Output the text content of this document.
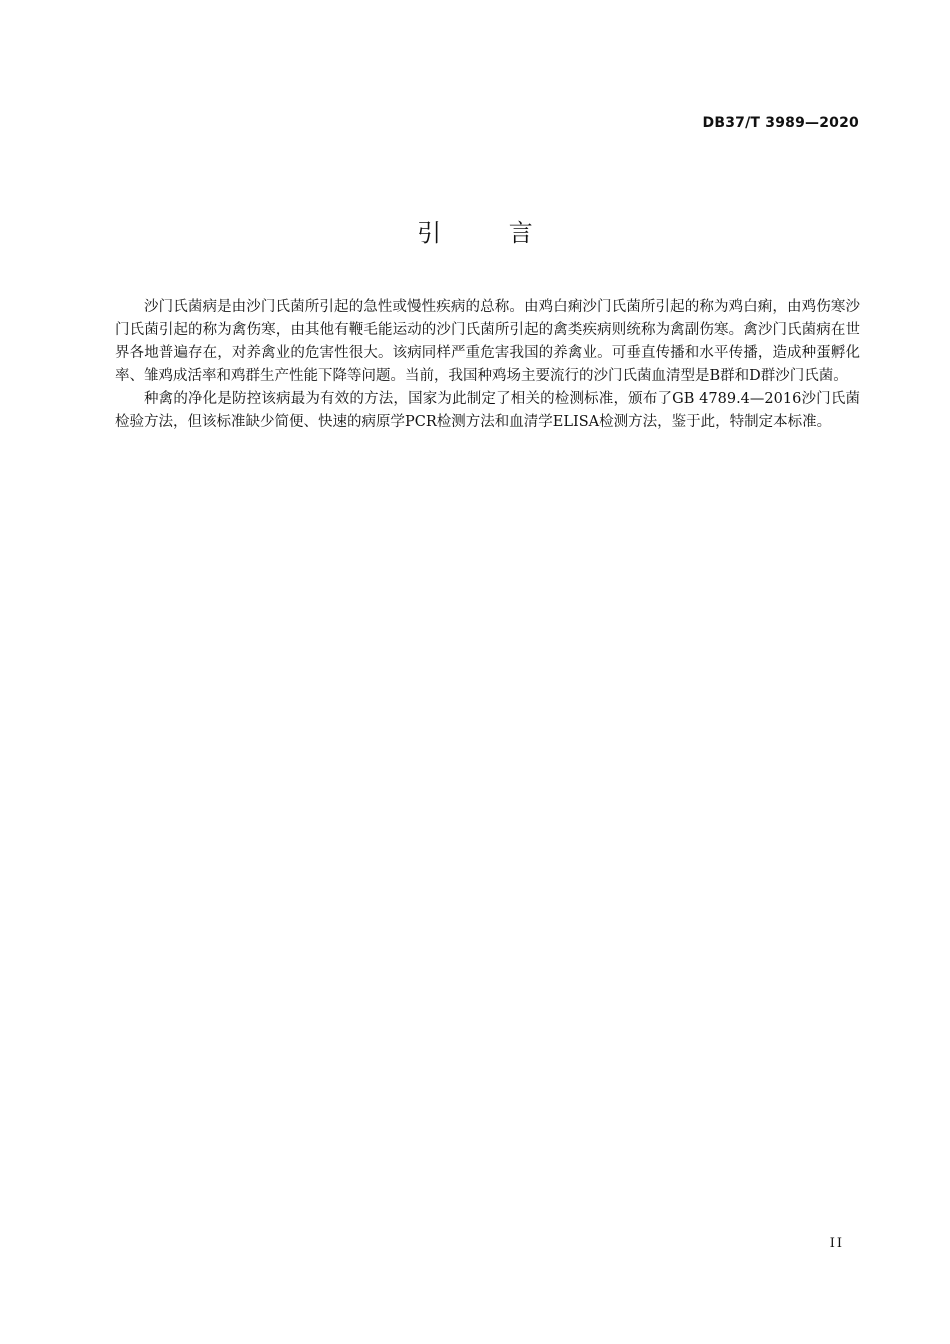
DB37/T 3989—2020
引 言

沙门氏菌病是由沙门氏菌所引起的急性或慢性疾病的总称。由鸡白痢沙门氏菌所引起的称为鸡白痢，由鸡伤寒沙门氏菌引起的称为禽伤寒，由其他有鞭毛能运动的沙门氏菌所引起的禽类疾病则统称为禽副伤寒。禽沙门氏菌病在世界各地普遍存在，对养禽业的危害性很大。该病同样严重危害我国的养禽业。可垂直传播和水平传播，造成种蛋孵化率、雏鸡成活率和鸡群生产性能下降等问题。当前，我国种鸡场主要流行的沙门氏菌血清型是B群和D群沙门氏菌。

种禽的净化是防控该病最为有效的方法，国家为此制定了相关的检测标准，颁布了GB 4789.4—2016沙门氏菌检验方法，但该标准缺少简便、快速的病原学PCR检测方法和血清学ELISA检测方法，鉴于此，特制定本标准。

II
